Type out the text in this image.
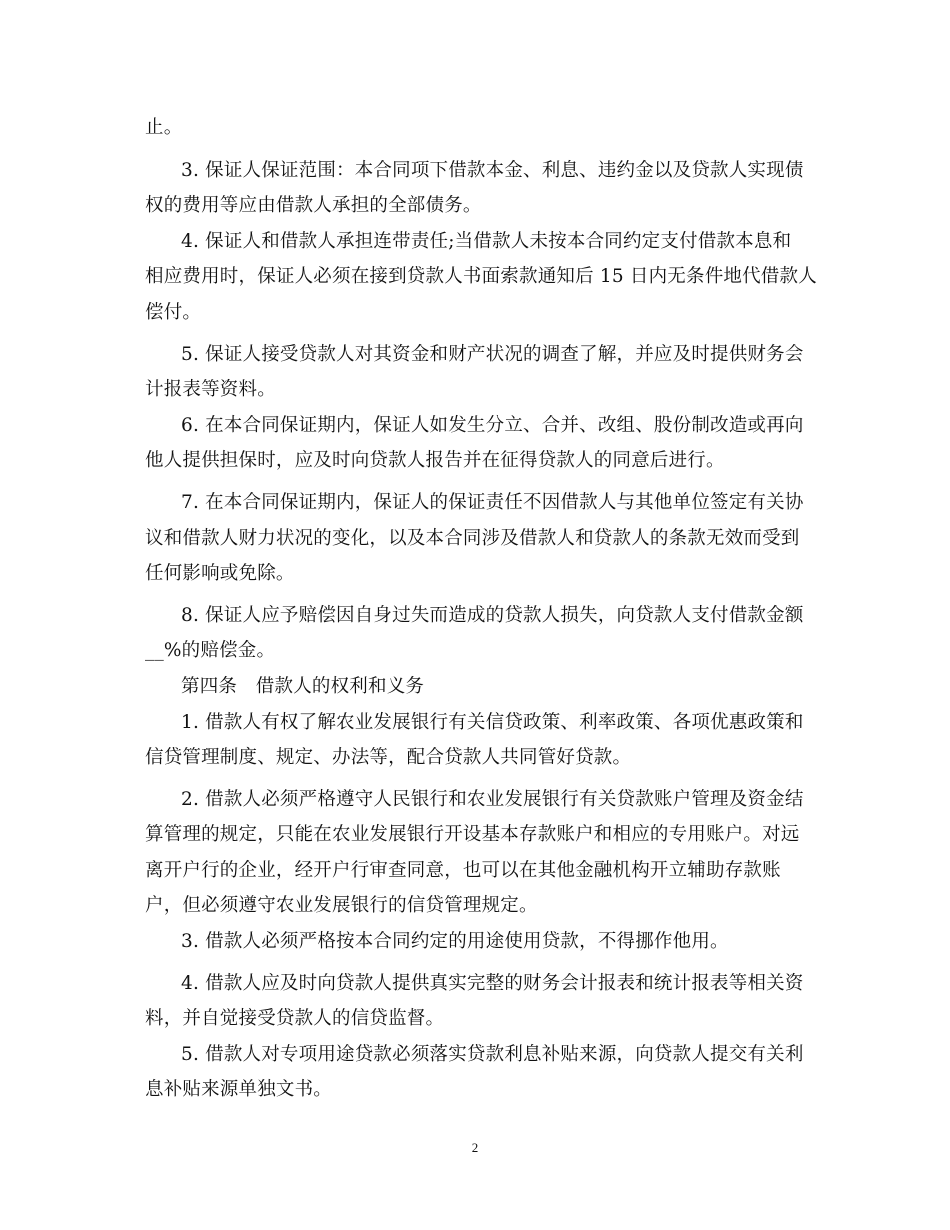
止。
3. 保证人保证范围：本合同项下借款本金、利息、违约金以及贷款人实现债
权的费用等应由借款人承担的全部债务。
4. 保证人和借款人承担连带责任;当借款人未按本合同约定支付借款本息和
相应费用时，保证人必须在接到贷款人书面索款通知后 15 日内无条件地代借款人
偿付。
5. 保证人接受贷款人对其资金和财产状况的调查了解，并应及时提供财务会
计报表等资料。
6. 在本合同保证期内，保证人如发生分立、合并、改组、股份制改造或再向
他人提供担保时，应及时向贷款人报告并在征得贷款人的同意后进行。
7. 在本合同保证期内，保证人的保证责任不因借款人与其他单位签定有关协
议和借款人财力状况的变化，以及本合同涉及借款人和贷款人的条款无效而受到
任何影响或免除。
8. 保证人应予赔偿因自身过失而造成的贷款人损失，向贷款人支付借款金额
__%的赔偿金。
第四条　借款人的权利和义务
1. 借款人有权了解农业发展银行有关信贷政策、利率政策、各项优惠政策和
信贷管理制度、规定、办法等，配合贷款人共同管好贷款。
2. 借款人必须严格遵守人民银行和农业发展银行有关贷款账户管理及资金结
算管理的规定，只能在农业发展银行开设基本存款账户和相应的专用账户。对远
离开户行的企业，经开户行审查同意，也可以在其他金融机构开立辅助存款账
户，但必须遵守农业发展银行的信贷管理规定。
3. 借款人必须严格按本合同约定的用途使用贷款，不得挪作他用。
4. 借款人应及时向贷款人提供真实完整的财务会计报表和统计报表等相关资
料，并自觉接受贷款人的信贷监督。
5. 借款人对专项用途贷款必须落实贷款利息补贴来源，向贷款人提交有关利
息补贴来源单独文书。
2
